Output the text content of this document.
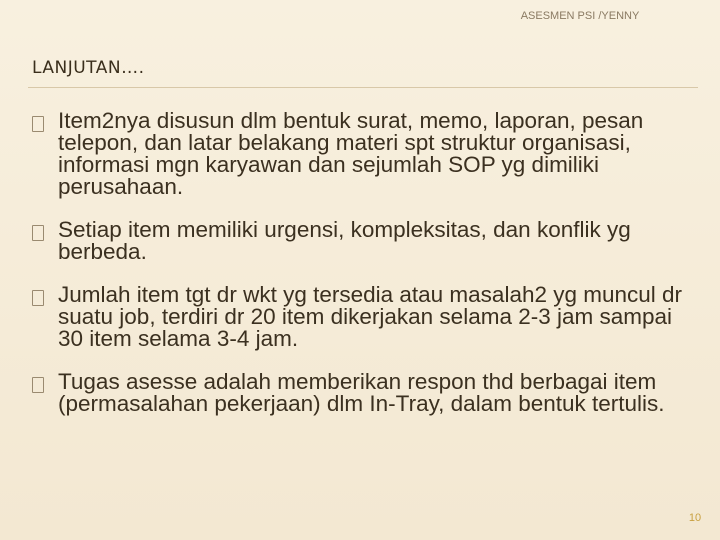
ASESMEN PSI /YENNY
LANJUTAN….
Item2nya disusun dlm bentuk surat, memo, laporan, pesan telepon, dan latar belakang materi spt struktur organisasi, informasi mgn karyawan dan sejumlah SOP yg dimiliki perusahaan.
Setiap item memiliki urgensi, kompleksitas, dan konflik yg berbeda.
Jumlah item tgt dr wkt yg tersedia atau masalah2 yg muncul dr suatu job, terdiri dr 20 item dikerjakan selama 2-3 jam sampai 30 item selama 3-4 jam.
Tugas asesse adalah memberikan respon thd berbagai item (permasalahan pekerjaan) dlm In-Tray, dalam bentuk tertulis.
10
